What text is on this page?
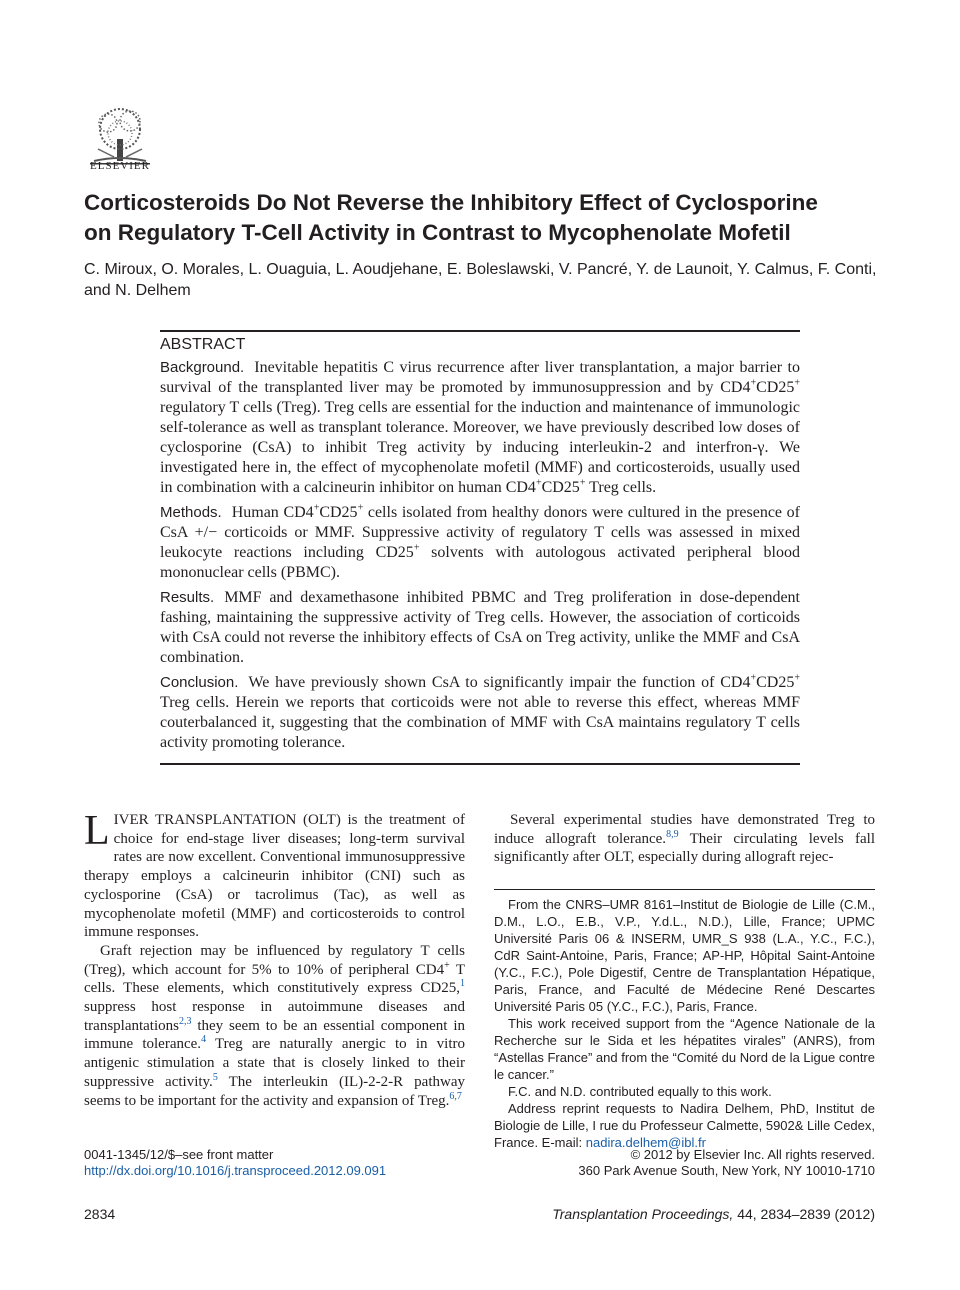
ELSEVIER
Corticosteroids Do Not Reverse the Inhibitory Effect of Cyclosporine
on Regulatory T-Cell Activity in Contrast to Mycophenolate Mofetil

C. Miroux, O. Morales, L. Ouaguia, L. Aoudjehane, E. Boleslawski, V. Pancré, Y. de Launoit, Y. Calmus, F. Conti, and N. Delhem

ABSTRACT

Background. Inevitable hepatitis C virus recurrence after liver transplantation, a major barrier to survival of the transplanted liver may be promoted by immunosuppression and by CD4+CD25+ regulatory T cells (Treg). Treg cells are essential for the induction and maintenance of immunologic self-tolerance as well as transplant tolerance. Moreover, we have previously described low doses of cyclosporine (CsA) to inhibit Treg activity by inducing interleukin-2 and interfron-γ. We investigated here in, the effect of mycophenolate mofetil (MMF) and corticosteroids, usually used in combination with a calcineurin inhibitor on human CD4+CD25+ Treg cells.

Methods. Human CD4+CD25+ cells isolated from healthy donors were cultured in the presence of CsA +/− corticoids or MMF. Suppressive activity of regulatory T cells was assessed in mixed leukocyte reactions including CD25+ solvents with autologous activated peripheral blood mononuclear cells (PBMC).

Results. MMF and dexamethasone inhibited PBMC and Treg proliferation in dose-dependent fashing, maintaining the suppressive activity of Treg cells. However, the association of corticoids with CsA could not reverse the inhibitory effects of CsA on Treg activity, unlike the MMF and CsA combination.

Conclusion. We have previously shown CsA to significantly impair the function of CD4+CD25+ Treg cells. Herein we reports that corticoids were not able to reverse this effect, whereas MMF couterbalanced it, suggesting that the combination of MMF with CsA maintains regulatory T cells activity promoting tolerance.

LIVER TRANSPLANTATION (OLT) is the treatment of choice for end-stage liver diseases; long-term survival rates are now excellent. Conventional immunosuppressive therapy employs a calcineurin inhibitor (CNI) such as cyclosporine (CsA) or tacrolimus (Tac), as well as mycophenolate mofetil (MMF) and corticosteroids to control immune responses.

Graft rejection may be influenced by regulatory T cells (Treg), which account for 5% to 10% of peripheral CD4+ T cells. These elements, which constitutively express CD25,$^1$ suppress host response in autoimmune diseases and transplantations$^{2,3}$ they seem to be an essential component in immune tolerance.$^4$ Treg are naturally anergic to in vitro antigenic stimulation a state that is closely linked to their suppressive activity.$^5$ The interleukin (IL)-2-2-R pathway seems to be important for the activity and expansion of Treg.$^{6,7}$

Several experimental studies have demonstrated Treg to induce allograft tolerance.$^{8,9}$ Their circulating levels fall significantly after OLT, especially during allograft rejec-

From the CNRS–UMR 8161–Institut de Biologie de Lille (C.M., D.M., L.O., E.B., V.P., Y.d.L., N.D.), Lille, France; UPMC Université Paris 06 & INSERM, UMR_S 938 (L.A., Y.C., F.C.), CdR Saint-Antoine, Paris, France; AP-HP, Hôpital Saint-Antoine (Y.C., F.C.), Pole Digestif, Centre de Transplantation Hépatique, Paris, France, and Faculté de Médecine René Descartes Université Paris 05 (Y.C., F.C.), Paris, France.

This work received support from the “Agence Nationale de la Recherche sur le Sida et les hépatites virales” (ANRS), from “Astellas France” and from the “Comité du Nord de la Ligue contre le cancer.”

F.C. and N.D. contributed equally to this work.

Address reprint requests to Nadira Delhem, PhD, Institut de Biologie de Lille, I rue du Professeur Calmette, 5902& Lille Cedex, France. E-mail: nadira.delhem@ibl.fr

0041-1345/12/$–see front matter
http://dx.doi.org/10.1016/j.transproceed.2012.09.091
© 2012 by Elsevier Inc. All rights reserved.
360 Park Avenue South, New York, NY 10010-1710
2834	Transplantation Proceedings, 44, 2834–2839 (2012)
